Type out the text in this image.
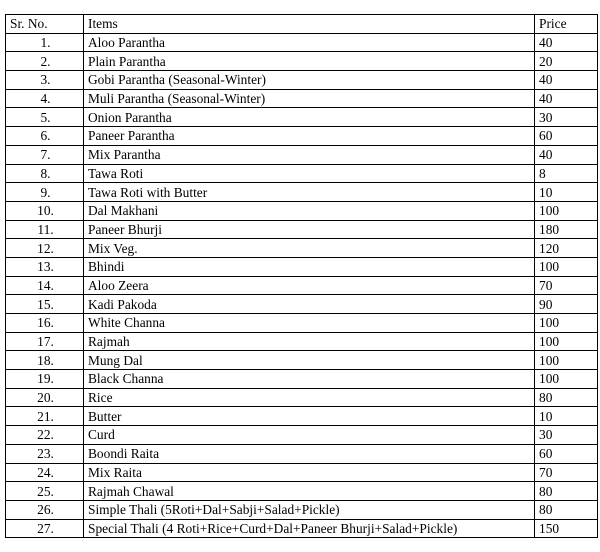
Sr. No.	Items	Price
1.	Aloo Parantha	40
2.	Plain Parantha	20
3.	Gobi Parantha (Seasonal-Winter)	40
4.	Muli Parantha (Seasonal-Winter)	40
5.	Onion Parantha	30
6.	Paneer Parantha	60
7.	Mix Parantha	40
8.	Tawa Roti	8
9.	Tawa Roti with Butter	10
10.	Dal Makhani	100
11.	Paneer Bhurji	180
12.	Mix Veg.	120
13.	Bhindi	100
14.	Aloo Zeera	70
15.	Kadi Pakoda	90
16.	White Channa	100
17.	Rajmah	100
18.	Mung Dal	100
19.	Black Channa	100
20.	Rice	80
21.	Butter	10
22.	Curd	30
23.	Boondi Raita	60
24.	Mix Raita	70
25.	Rajmah Chawal	80
26.	Simple Thali (5Roti+Dal+Sabji+Salad+Pickle)	80
27.	Special Thali (4 Roti+Rice+Curd+Dal+Paneer Bhurji+Salad+Pickle)	150
